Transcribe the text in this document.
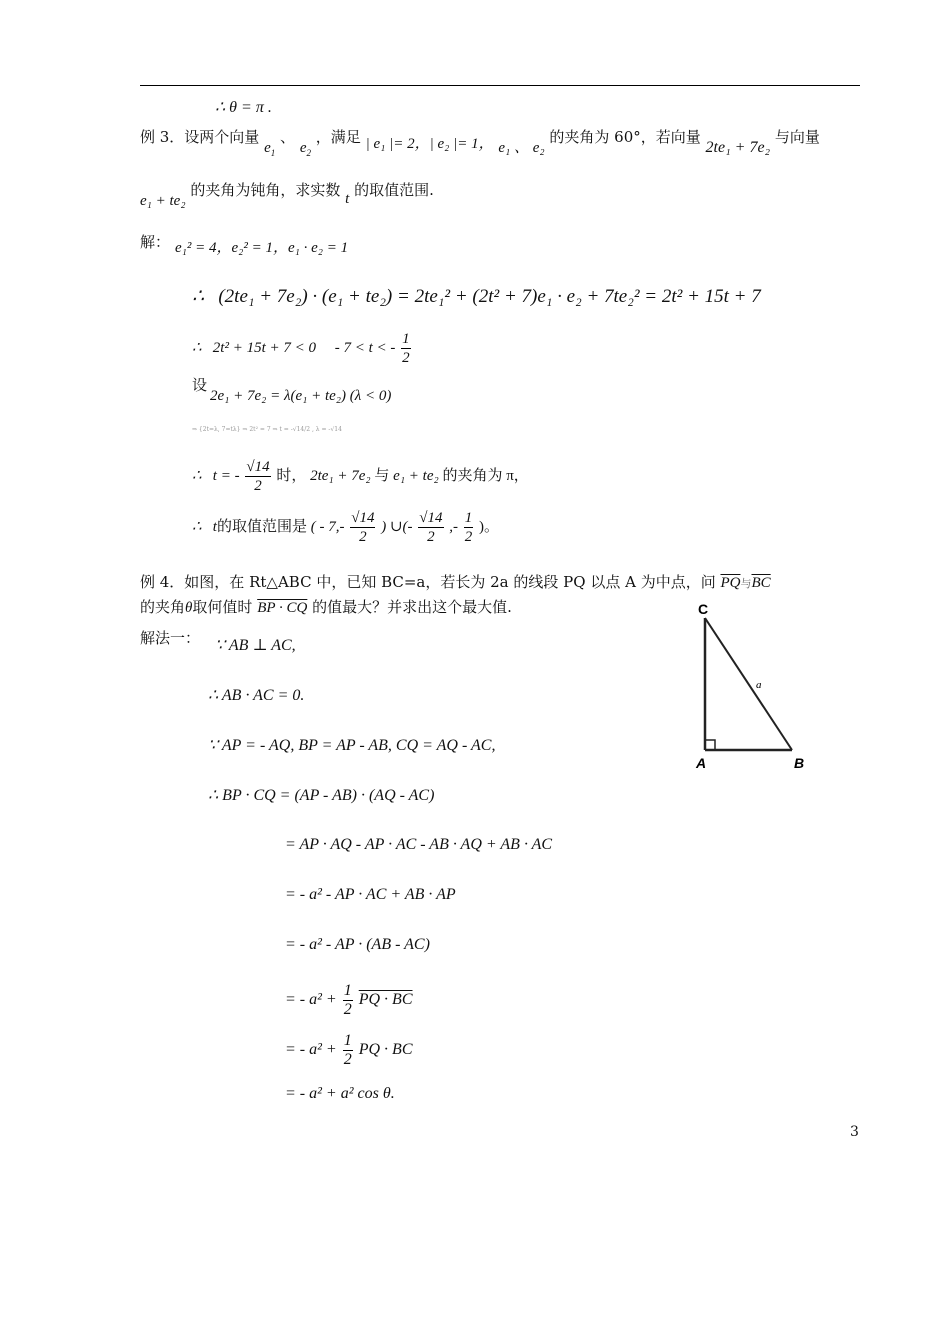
∴ θ = π .
例 3．设两个向量 $e_1$ 、 $e_2$ ，满足 | e₁ |= 2，| e₂ |= 1， e₁ 、 e₂ 的夹角为 60°，若向量 2te₁ + 7e₂ 与向量
e₁ + te₂ 的夹角为钝角，求实数 t 的取值范围.
解： e₁² = 4，e₂² = 1，e₁ · e₂ = 1
∴   (2te₁ + 7e₂) · (e₁ + te₂) = 2te₁² + (2t² + 7)e₁ · e₂ + 7te₂² = 2t² + 15t + 7
∴   2t² + 15t + 7 < 0 - 7 < t < - $\frac{1}{2}$
设
2e₁ + 7e₂ = λ(e₁ + te₂) (λ < 0)
⇒ {2t=λ, 7=tλ} ⇒ 2t² = 7 ⇒ t = -√14/2 , λ = -√14
∴   t = - $\frac{√14}{2}$ 时， 2te₁ + 7e₂ 与 e₁ + te₂ 的夹角为 π，
∴   t的取值范围是 ( - $7,- \frac{√14}{2}$ ) ∪(- $\frac{√14}{2}$ ,- $\frac{1}{2}$ )。
例 4．如图，在 Rt△ABC 中，已知 BC=a，若长为 2a 的线段 PQ 以点 A 为中点，问 $\overline{PQ}$与$\overline{BC}$
的夹角θ取何值时 BP · CQ 的值最大？并求出这个最大值.
解法一： ∵ AB ⊥ AC,
∴ AB · AC = 0.
∵ AP = - AQ, BP = AP - AB, CQ = AQ - AC,
∴ BP · CQ = (AP - AB) · (AQ - AC)
= AP · AQ - AP · AC - AB · AQ + AB · AC
= - a² - AP · AC + AB · AP
= - a² - AP · (AB - AC)
= - $a^2 + \frac{1}{2}$ PQ · BC
= - $a^2 + \frac{1}{2}$ PQ · BC
= - a² + a² cos θ.
C
A	B
a
3
